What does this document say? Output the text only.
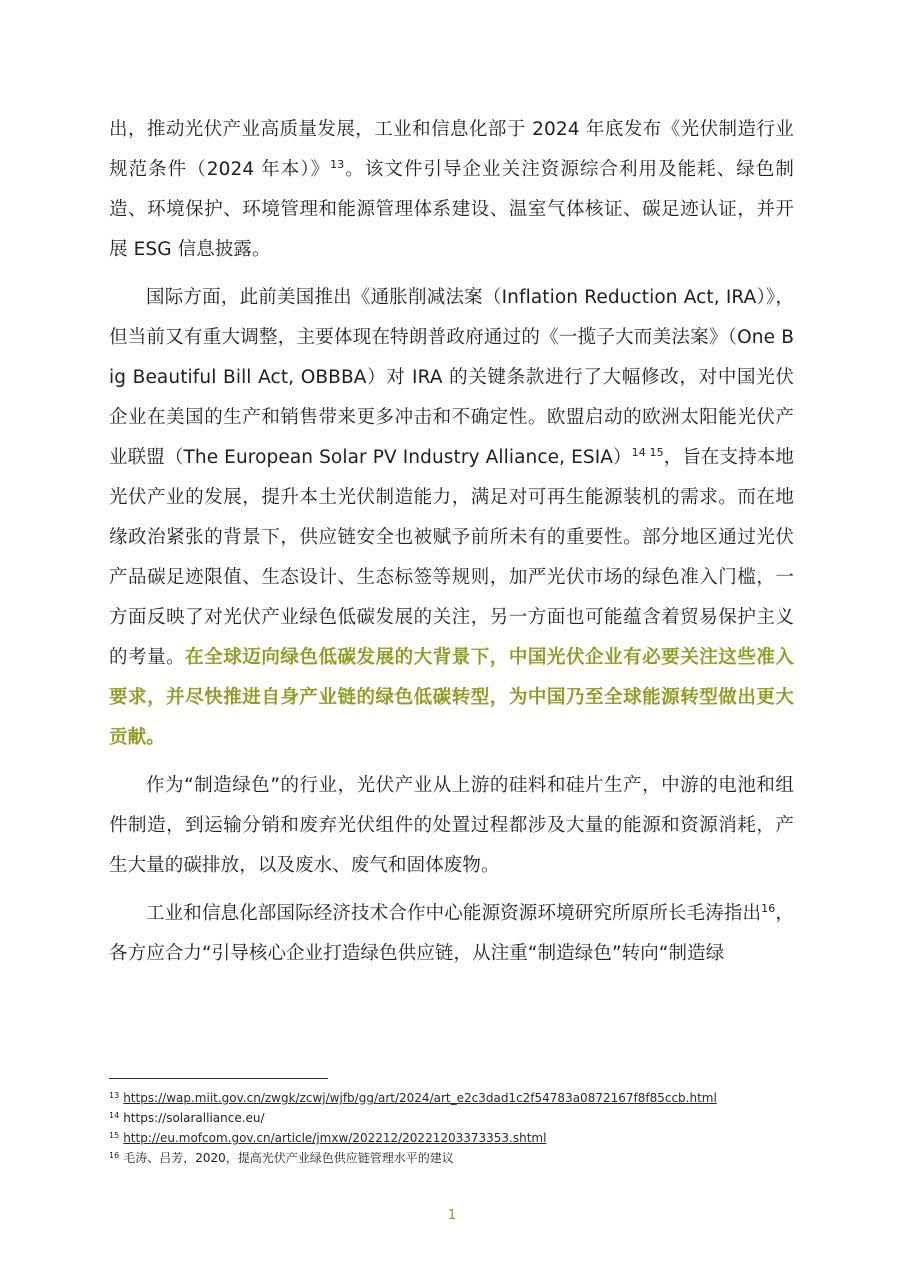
出，推动光伏产业高质量发展，工业和信息化部于 2024 年底发布《光伏制造行业规范条件（2024 年本）》$^{13}$。该文件引导企业关注资源综合利用及能耗、绿色制造、环境保护、环境管理和能源管理体系建设、温室气体核证、碳足迹认证，并开展 ESG 信息披露。

国际方面，此前美国推出《通胀削减法案（Inflation Reduction Act, IRA）》，但当前又有重大调整，主要体现在特朗普政府通过的《一揽子大而美法案》（One Big Beautiful Bill Act, OBBBA）对 IRA 的关键条款进行了大幅修改，对中国光伏企业在美国的生产和销售带来更多冲击和不确定性。欧盟启动的欧洲太阳能光伏产业联盟（The European Solar PV Industry Alliance, ESIA）$^{14 15}$，旨在支持本地光伏产业的发展，提升本土光伏制造能力，满足对可再生能源装机的需求。而在地缘政治紧张的背景下，供应链安全也被赋予前所未有的重要性。部分地区通过光伏产品碳足迹限值、生态设计、生态标签等规则，加严光伏市场的绿色准入门槛，一方面反映了对光伏产业绿色低碳发展的关注，另一方面也可能蕴含着贸易保护主义的考量。在全球迈向绿色低碳发展的大背景下，中国光伏企业有必要关注这些准入要求，并尽快推进自身产业链的绿色低碳转型，为中国乃至全球能源转型做出更大贡献。

作为“制造绿色”的行业，光伏产业从上游的硅料和硅片生产，中游的电池和组件制造，到运输分销和废弃光伏组件的处置过程都涉及大量的能源和资源消耗，产生大量的碳排放，以及废水、废气和固体废物。

工业和信息化部国际经济技术合作中心能源资源环境研究所原所长毛涛指出$^{16}$，各方应合力“引导核心企业打造绿色供应链，从注重“制造绿色”转向“制造绿

$^{13}$ https://wap.miit.gov.cn/zwgk/zcwj/wjfb/gg/art/2024/art_e2c3dad1c2f54783a0872167f8f85ccb.html
$^{14}$ https://solaralliance.eu/
$^{15}$ http://eu.mofcom.gov.cn/article/jmxw/202212/20221203373353.shtml
$^{16}$ 毛涛、吕芳，2020，提高光伏产业绿色供应链管理水平的建议
1
